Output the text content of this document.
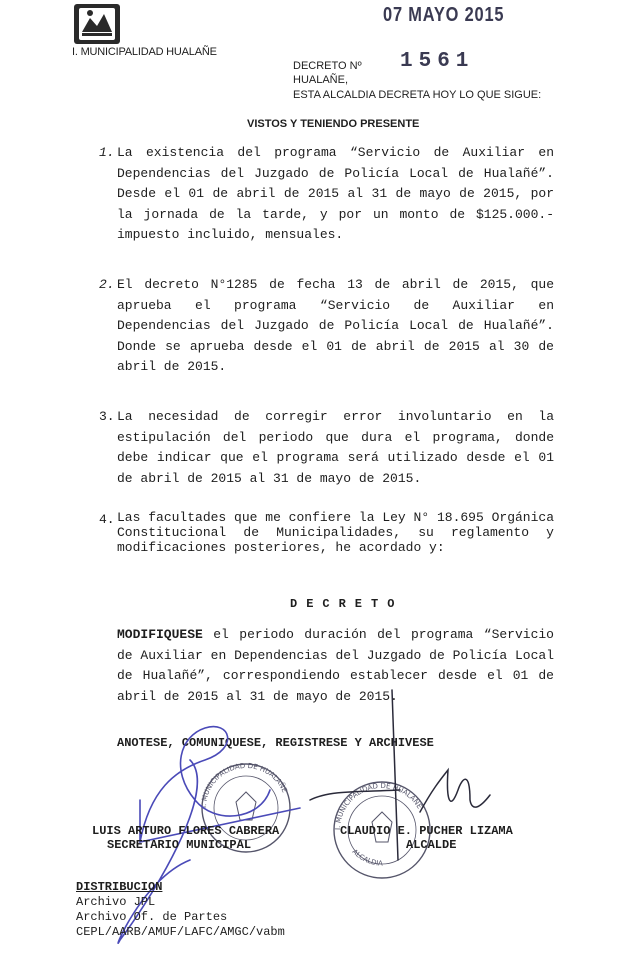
I. MUNICIPALIDAD HUALAÑE
07 MAYO 2015
DECRETO Nº 1561
HUALAÑE,
ESTA ALCALDIA DECRETA HOY LO QUE SIGUE:
VISTOS Y TENIENDO PRESENTE
1. La existencia del programa “Servicio de Auxiliar en Dependencias del Juzgado de Policía Local de Hualañé”. Desde el 01 de abril de 2015 al 31 de mayo de 2015, por la jornada de la tarde, y por un monto de $125.000.- impuesto incluido, mensuales.
2. El decreto N°1285 de fecha 13 de abril de 2015, que aprueba el programa “Servicio de Auxiliar en Dependencias del Juzgado de Policía Local de Hualañé”. Donde se aprueba desde el 01 de abril de 2015 al 30 de abril de 2015.
3. La necesidad de corregir error involuntario en la estipulación del periodo que dura el programa, donde debe indicar que el programa será utilizado desde el 01 de abril de 2015 al 31 de mayo de 2015.
4. Las facultades que me confiere la Ley N° 18.695 Orgánica Constitucional de Municipalidades, su reglamento y modificaciones posteriores, he acordado y:
DECRETO
MODIFIQUESE el periodo duración del programa “Servicio de Auxiliar en Dependencias del Juzgado de Policía Local de Hualañé”, correspondiendo establecer desde el 01 de abril de 2015 al 31 de mayo de 2015.
ANOTESE, COMUNIQUESE, REGISTRESE Y ARCHIVESE
I. MUNICIPALIDAD DE HUALAÑE
I. MUNICIPALIDAD DE HUALAÑE
ALCALDIA
LUIS ARTURO FLORES CABRERA
SECRETARIO MUNICIPAL
CLAUDIO E. PUCHER LIZAMA
ALCALDE
DISTRIBUCION
Archivo JPL
Archivo Of. de Partes
CEPL/AARB/AMUF/LAFC/AMGC/vabm
